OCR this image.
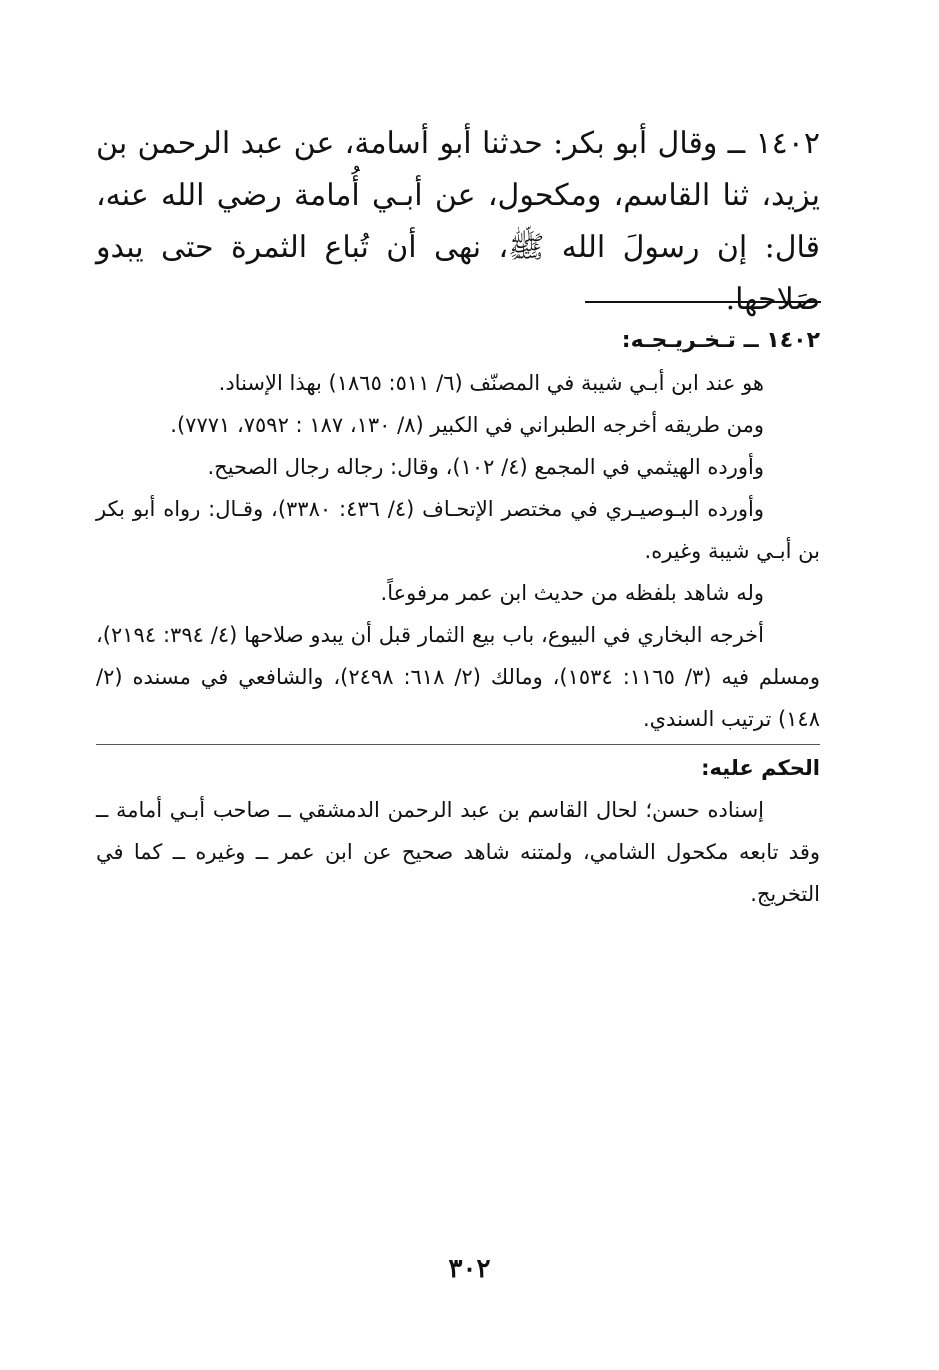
١٤٠٢ ــ وقال أبو بكر: حدثنا أبو أسامة، عن عبد الرحمن بن يزيد، ثنا القاسم، ومكحول، عن أبـي أُمامة رضي الله عنه، قال: إن رسولَ الله ﷺ، نهى أن تُباع الثمرة حتى يبدو صَلاحها.

١٤٠٢ ــ تـخـريـجـه:

هو عند ابن أبـي شيبة في المصنّف (٦/ ٥١١: ١٨٦٥) بهذا الإسناد.

ومن طريقه أخرجه الطبراني في الكبير (٨/ ١٣٠، ١٨٧ : ٧٥٩٢، ٧٧٧١).

وأورده الهيثمي في المجمع (٤/ ١٠٢)، وقال: رجاله رجال الصحيح.

وأورده البـوصيـري في مختصر الإتحـاف (٤/ ٤٣٦: ٣٣٨٠)، وقـال: رواه أبو بكر بن أبـي شيبة وغيره.

وله شاهد بلفظه من حديث ابن عمر مرفوعاً.

أخرجه البخاري في البيوع، باب بيع الثمار قبل أن يبدو صلاحها (٤/ ٣٩٤: ٢١٩٤)، ومسلم فيه (٣/ ١١٦٥: ١٥٣٤)، ومالك (٢/ ٦١٨: ٢٤٩٨)، والشافعي في مسنده (٢/ ١٤٨) ترتيب السندي.

الحكم عليه:

إسناده حسن؛ لحال القاسم بن عبد الرحمن الدمشقي ــ صاحب أبـي أمامة ــ وقد تابعه مكحول الشامي، ولمتنه شاهد صحيح عن ابن عمر ــ وغيره ــ كما في التخريج.

٣٠٢
